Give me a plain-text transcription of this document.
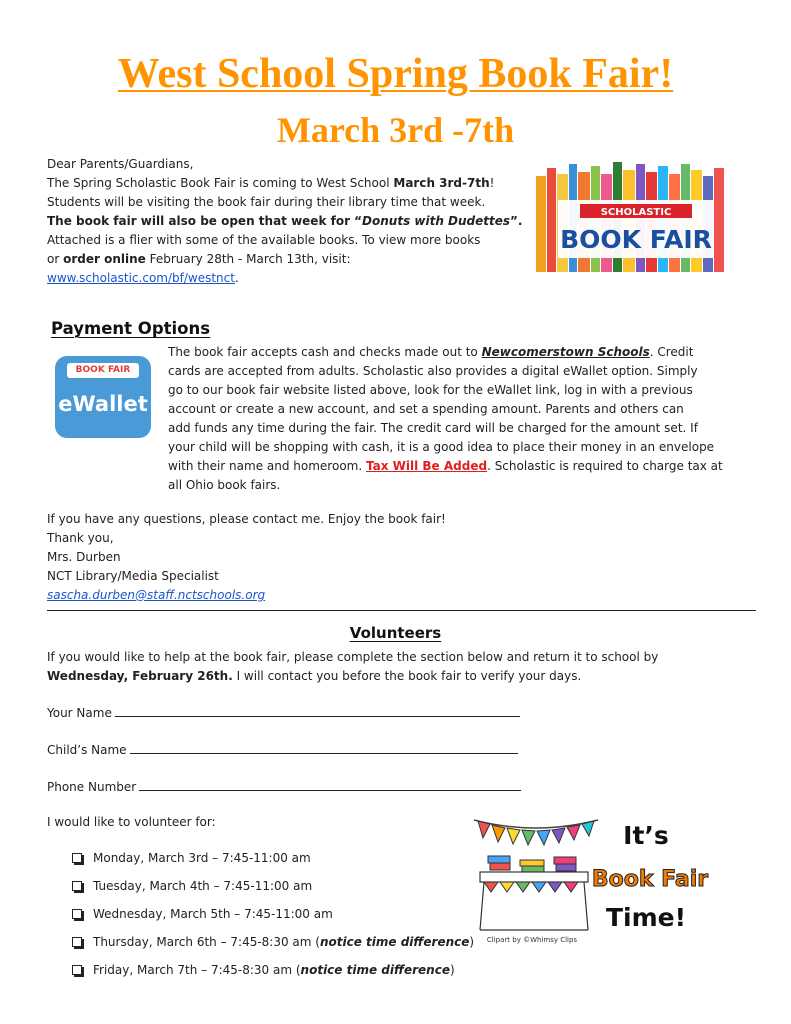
West School Spring Book Fair!
March 3rd -7th
Dear Parents/Guardians,
The Spring Scholastic Book Fair is coming to West School March 3rd-7th!
Students will be visiting the book fair during their library time that week.
The book fair will also be open that week for “Donuts with Dudettes”.
Attached is a flier with some of the available books. To view more books
or order online February 28th - March 13th, visit:
www.scholastic.com/bf/westnct.
SCHOLASTIC
BOOK FAIR
Payment Options
BOOK FAIR
eWallet
The book fair accepts cash and checks made out to Newcomerstown Schools. Credit
cards are accepted from adults. Scholastic also provides a digital eWallet option. Simply
go to our book fair website listed above, look for the eWallet link, log in with a previous
account or create a new account, and set a spending amount. Parents and others can
add funds any time during the fair. The credit card will be charged for the amount set. If
your child will be shopping with cash, it is a good idea to place their money in an envelope
with their name and homeroom. Tax Will Be Added. Scholastic is required to charge tax at
all Ohio book fairs.
If you have any questions, please contact me. Enjoy the book fair!
Thank you,
Mrs. Durben
NCT Library/Media Specialist
sascha.durben@staff.nctschools.org
Volunteers
If you would like to help at the book fair, please complete the section below and return it to school by
Wednesday, February 26th. I will contact you before the book fair to verify your days.
Your Name
Child’s Name
Phone Number
I would like to volunteer for:
Monday, March 3rd – 7:45-11:00 am
Tuesday, March 4th – 7:45-11:00 am
Wednesday, March 5th – 7:45-11:00 am
Thursday, March 6th – 7:45-8:30 am (notice time difference)
Friday, March 7th – 7:45-8:30 am (notice time difference)
Clipart by ©Whimsy Clips
It’s
Book Fair
Time!
